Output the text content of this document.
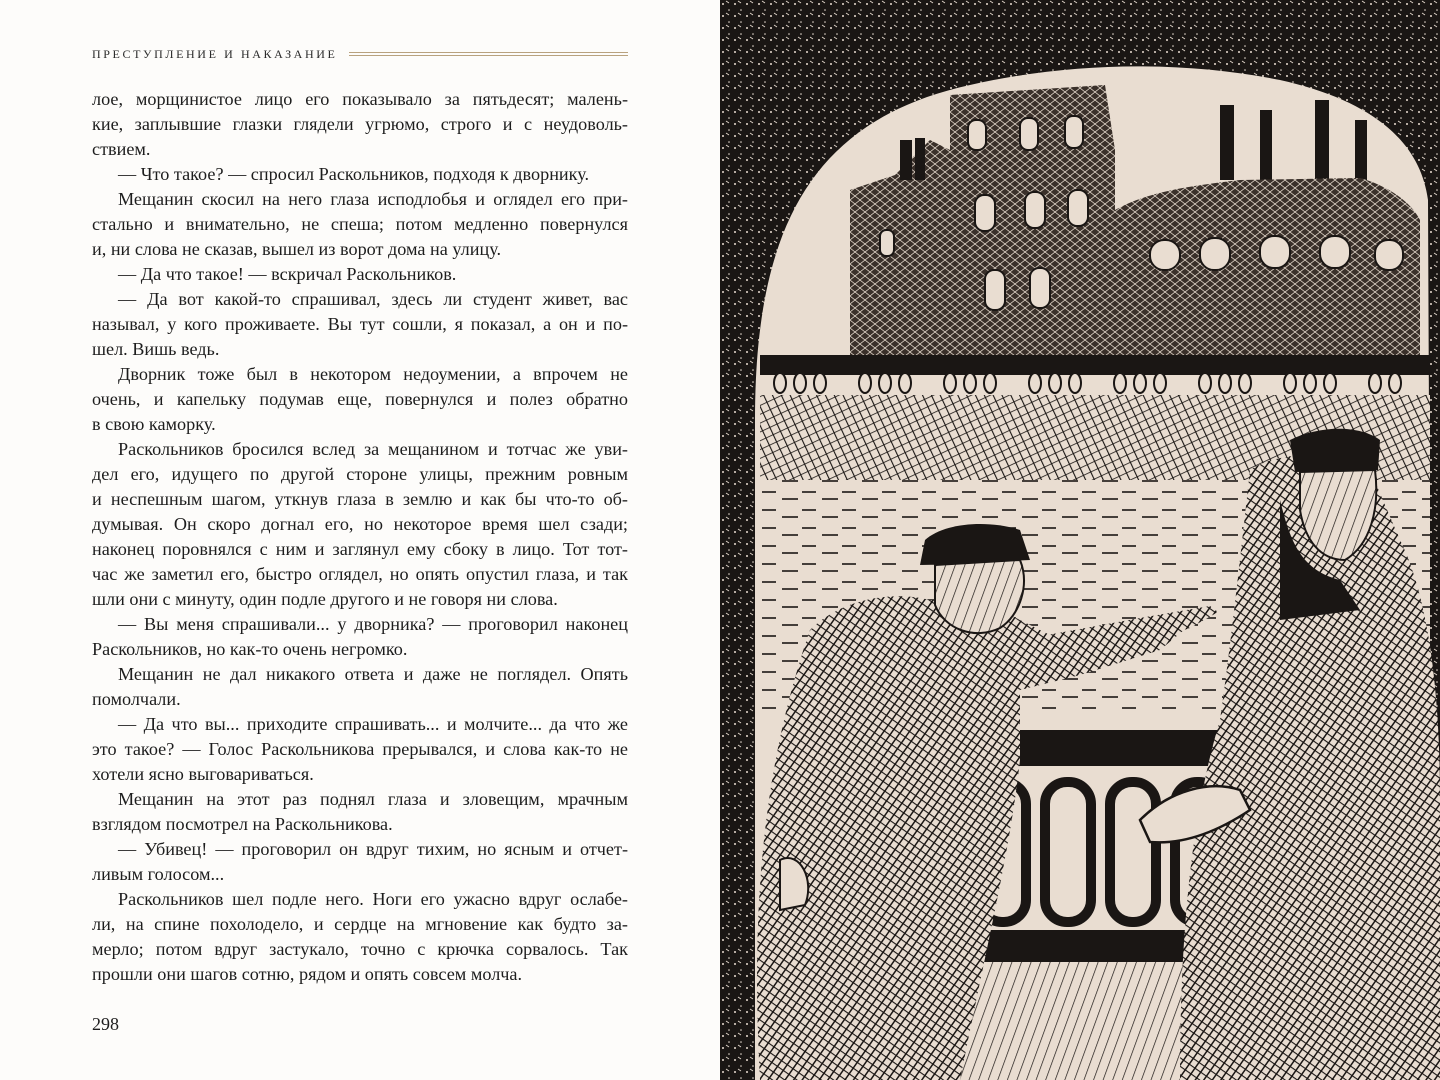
ПРЕСТУПЛЕНИЕ И НАКАЗАНИЕ
лое, морщинистое лицо его показывало за пятьдесят; малень-
кие, заплывшие глазки глядели угрюмо, строго и с неудоволь-
ствием.
— Что такое? — спросил Раскольников, подходя к дворнику.
Мещанин скосил на него глаза исподлобья и оглядел его при-
стально и внимательно, не спеша; потом медленно повернулся
и, ни слова не сказав, вышел из ворот дома на улицу.
— Да что такое! — вскричал Раскольников.
— Да вот какой-то спрашивал, здесь ли студент живет, вас
называл, у кого проживаете. Вы тут сошли, я показал, а он и по-
шел. Вишь ведь.
Дворник тоже был в некотором недоумении, а впрочем не
очень, и капельку подумав еще, повернулся и полез обратно
в свою каморку.
Раскольников бросился вслед за мещанином и тотчас же уви-
дел его, идущего по другой стороне улицы, прежним ровным
и неспешным шагом, уткнув глаза в землю и как бы что-то об-
думывая. Он скоро догнал его, но некоторое время шел сзади;
наконец поровнялся с ним и заглянул ему сбоку в лицо. Тот тот-
час же заметил его, быстро оглядел, но опять опустил глаза, и так
шли они с минуту, один подле другого и не говоря ни слова.
— Вы меня спрашивали... у дворника? — проговорил наконец
Раскольников, но как-то очень негромко.
Мещанин не дал никакого ответа и даже не поглядел. Опять
помолчали.
— Да что вы... приходите спрашивать... и молчите... да что же
это такое? — Голос Раскольникова прерывался, и слова как-то не
хотели ясно выговариваться.
Мещанин на этот раз поднял глаза и зловещим, мрачным
взглядом посмотрел на Раскольникова.
— Убивец! — проговорил он вдруг тихим, но ясным и отчет-
ливым голосом...
Раскольников шел подле него. Ноги его ужасно вдруг ослабе-
ли, на спине похолодело, и сердце на мгновение как будто за-
мерло; потом вдруг застукало, точно с крючка сорвалось. Так
прошли они шагов сотню, рядом и опять совсем молча.
298
